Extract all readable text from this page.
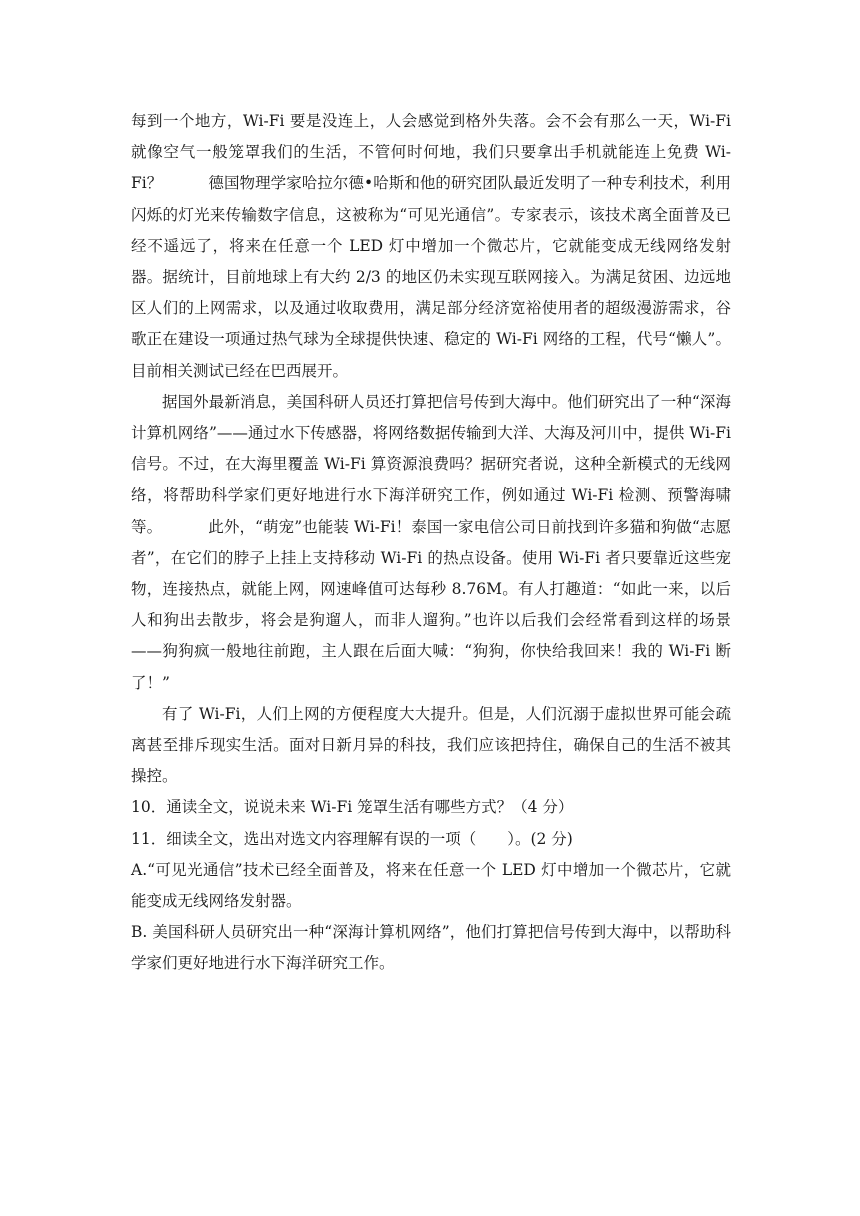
每到一个地方，Wi-Fi 要是没连上，人会感觉到格外失落。会不会有那么一天，Wi-Fi 就像空气一般笼罩我们的生活，不管何时何地，我们只要拿出手机就能连上免费 Wi-Fi？	德国物理学家哈拉尔德•哈斯和他的研究团队最近发明了一种专利技术，利用闪烁的灯光来传输数字信息，这被称为“可见光通信”。专家表示，该技术离全面普及已经不遥远了，将来在任意一个 LED 灯中增加一个微芯片，它就能变成无线网络发射器。据统计，目前地球上有大约 2/3 的地区仍未实现互联网接入。为满足贫困、边远地区人们的上网需求，以及通过收取费用，满足部分经济宽裕使用者的超级漫游需求，谷歌正在建设一项通过热气球为全球提供快速、稳定的 Wi-Fi 网络的工程，代号“懒人”。目前相关测试已经在巴西展开。

据国外最新消息，美国科研人员还打算把信号传到大海中。他们研究出了一种“深海计算机网络”——通过水下传感器，将网络数据传输到大洋、大海及河川中，提供 Wi-Fi 信号。不过，在大海里覆盖 Wi-Fi 算资源浪费吗？据研究者说，这种全新模式的无线网络，将帮助科学家们更好地进行水下海洋研究工作，例如通过 Wi-Fi 检测、预警海啸等。	此外，“萌宠”也能装 Wi-Fi！泰国一家电信公司日前找到许多猫和狗做“志愿者”，在它们的脖子上挂上支持移动 Wi-Fi 的热点设备。使用 Wi-Fi 者只要靠近这些宠物，连接热点，就能上网，网速峰值可达每秒 8.76M。有人打趣道：“如此一来，以后人和狗出去散步，将会是狗遛人，而非人遛狗。”也许以后我们会经常看到这样的场景——狗狗疯一般地往前跑，主人跟在后面大喊：“狗狗，你快给我回来！我的 Wi-Fi 断了！”

有了 Wi-Fi，人们上网的方便程度大大提升。但是，人们沉溺于虚拟世界可能会疏离甚至排斥现实生活。面对日新月异的科技，我们应该把持住，确保自己的生活不被其操控。

10．通读全文，说说未来 Wi-Fi 笼罩生活有哪些方式？（4 分）

11．细读全文，选出对选文内容理解有误的一项（　　）。(2 分)

A.“可见光通信”技术已经全面普及，将来在任意一个 LED 灯中增加一个微芯片，它就能变成无线网络发射器。

B. 美国科研人员研究出一种“深海计算机网络”，他们打算把信号传到大海中，以帮助科学家们更好地进行水下海洋研究工作。
